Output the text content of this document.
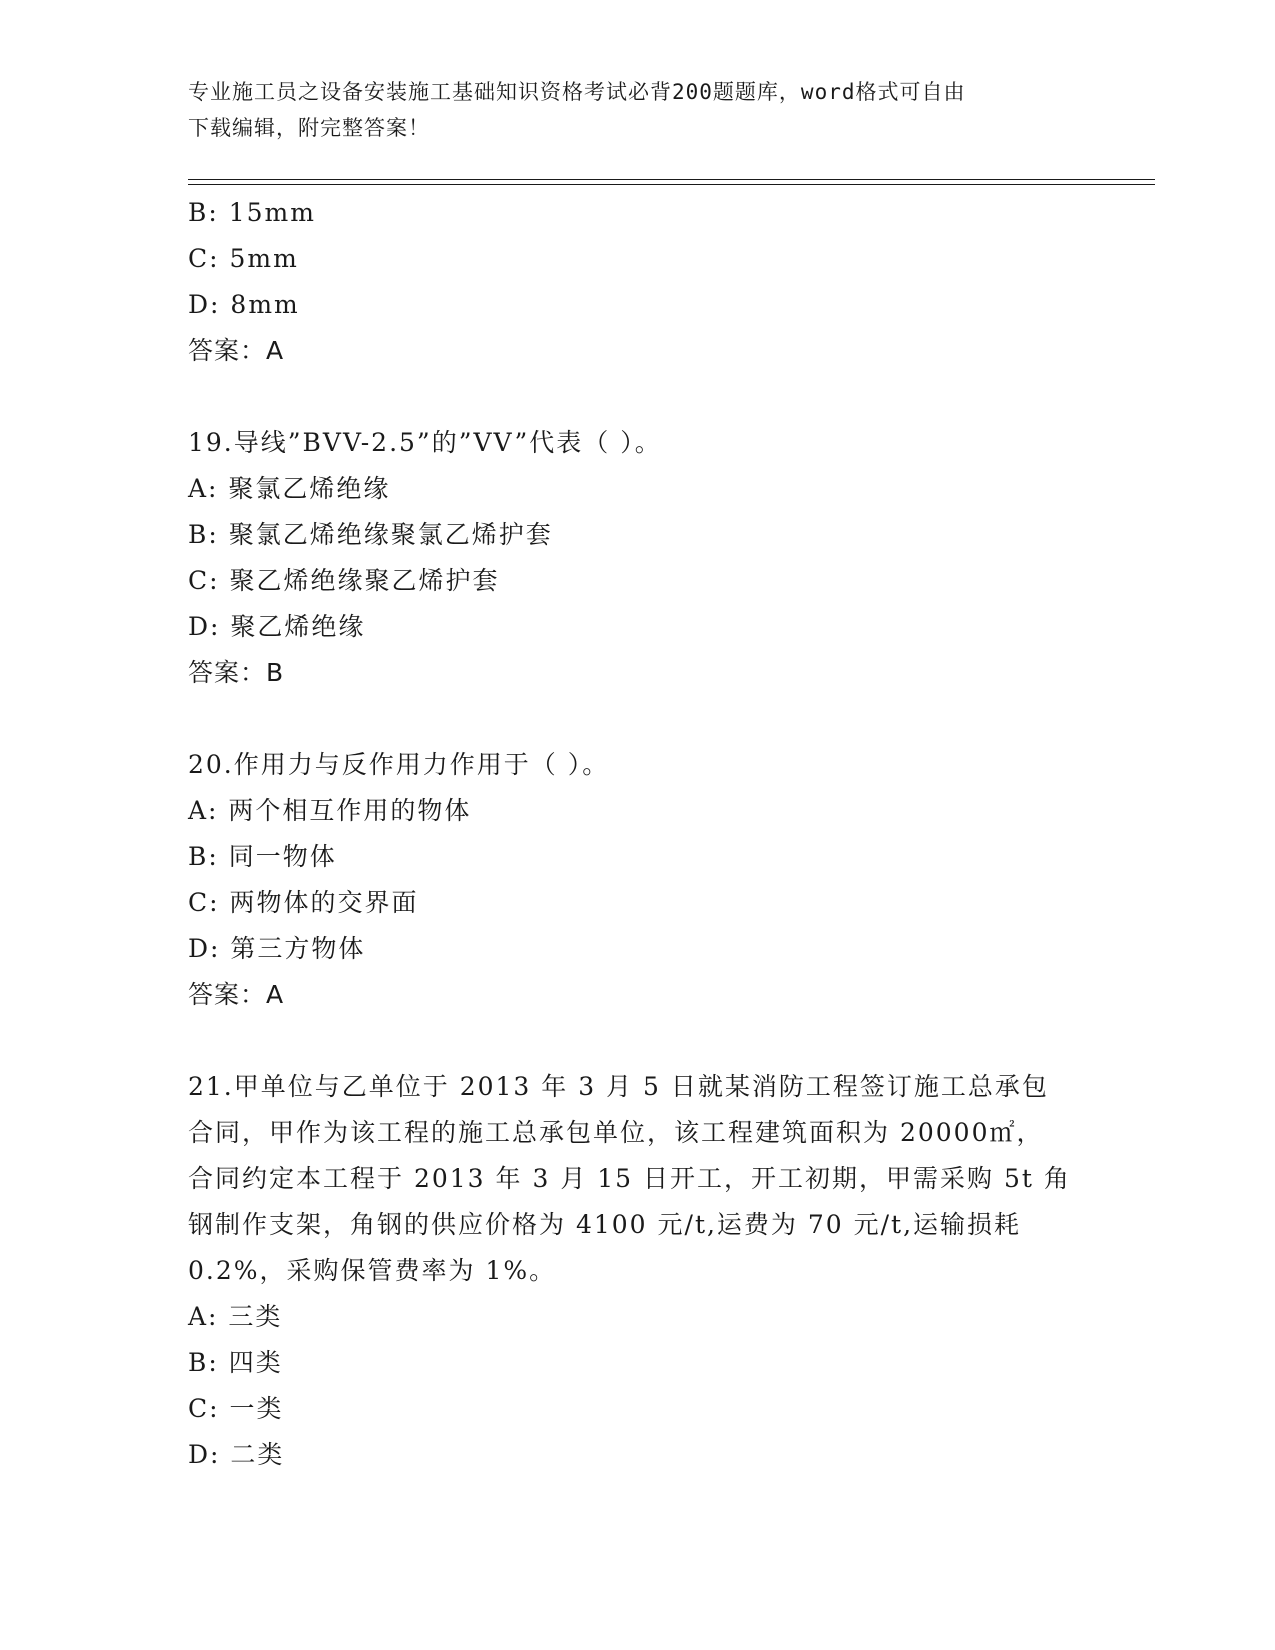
专业施工员之设备安装施工基础知识资格考试必背200题题库，word格式可自由
下载编辑，附完整答案！
B: 15mm
C: 5mm
D: 8mm
答案：A
19.导线”BVV-2.5”的”VV”代表（ ）。
A: 聚氯乙烯绝缘
B: 聚氯乙烯绝缘聚氯乙烯护套
C: 聚乙烯绝缘聚乙烯护套
D: 聚乙烯绝缘
答案：B
20.作用力与反作用力作用于（ ）。
A: 两个相互作用的物体
B: 同一物体
C: 两物体的交界面
D: 第三方物体
答案：A
21.甲单位与乙单位于 2013 年 3 月 5 日就某消防工程签订施工总承包
合同，甲作为该工程的施工总承包单位，该工程建筑面积为 20000㎡，
合同约定本工程于 2013 年 3 月 15 日开工，开工初期，甲需采购 5t 角
钢制作支架，角钢的供应价格为 4100 元/t,运费为 70 元/t,运输损耗
0.2%，采购保管费率为 1%。
A: 三类
B: 四类
C: 一类
D: 二类
